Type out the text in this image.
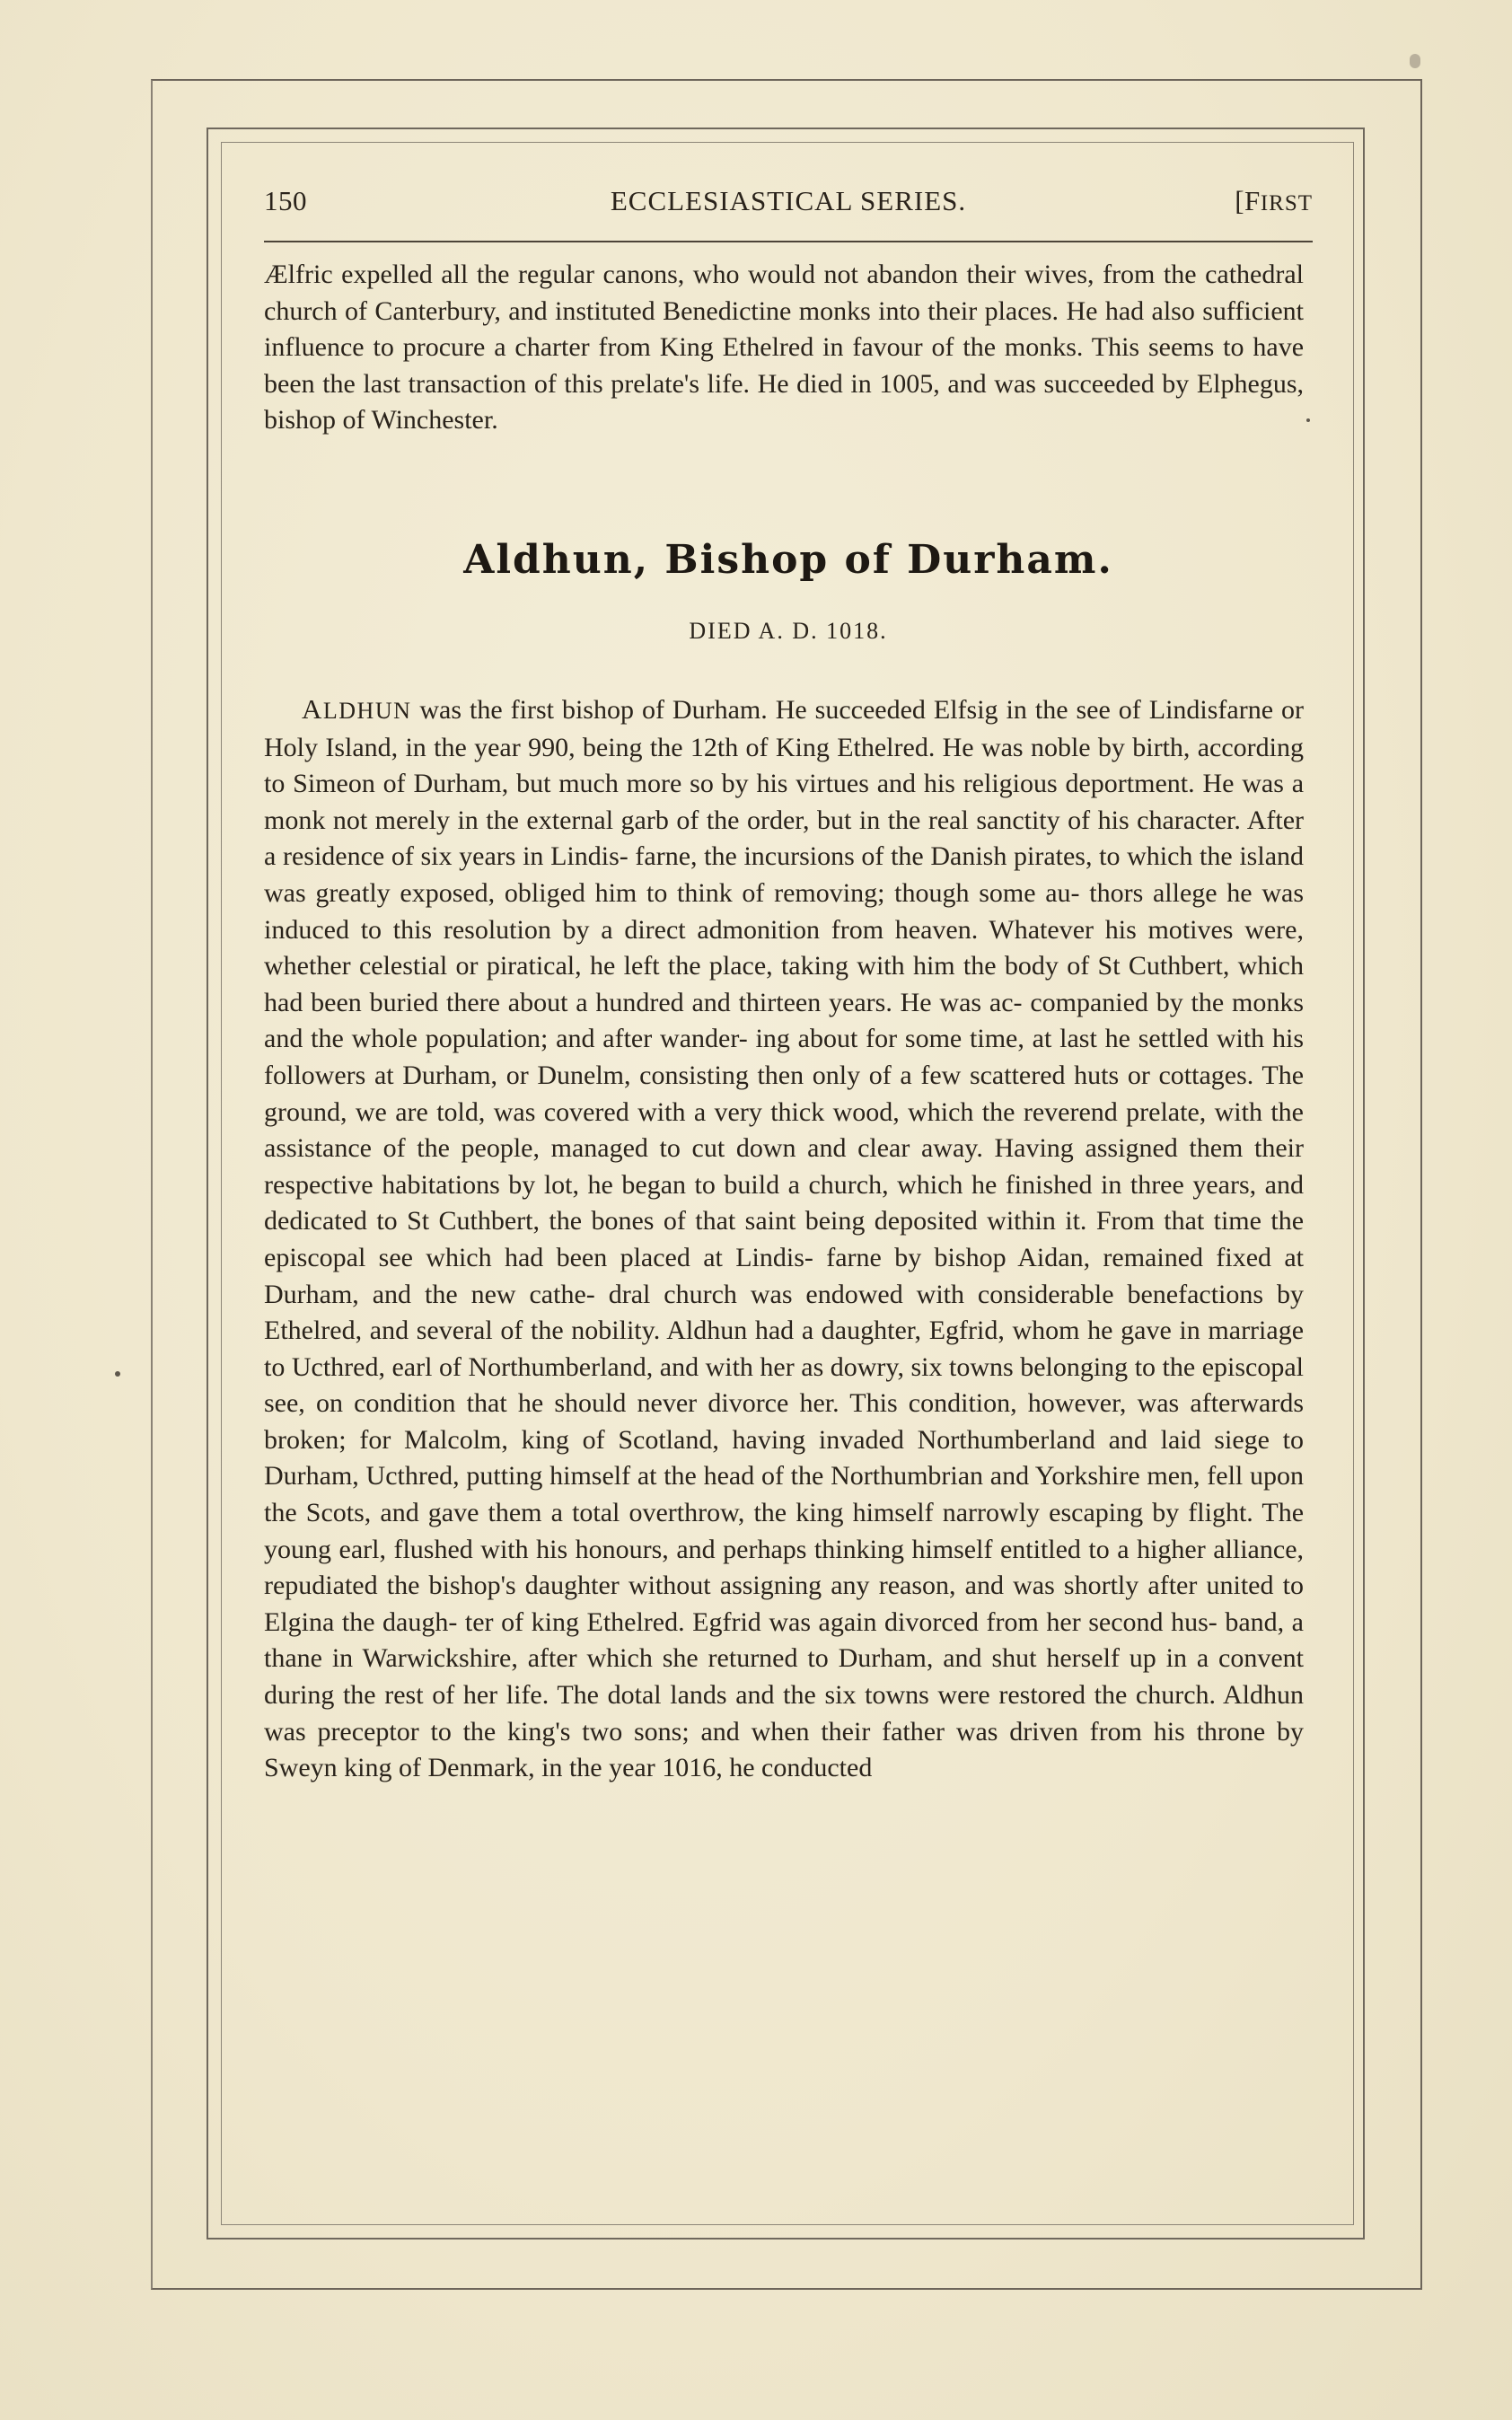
150	ECCLESIASTICAL SERIES.	[FIRST
Ælfric expelled all the regular canons, who would not abandon their wives, from the cathedral church of Canterbury, and instituted Benedictine monks into their places. He had also sufficient influence to procure a charter from King Ethelred in favour of the monks. This seems to have been the last transaction of this prelate's life. He died in 1005, and was succeeded by Elphegus, bishop of Winchester.
Aldhun, Bishop of Durham.
DIED A. D. 1018.
ALDHUN was the first bishop of Durham. He succeeded Elfsig in the see of Lindisfarne or Holy Island, in the year 990, being the 12th of King Ethelred. He was noble by birth, according to Simeon of Durham, but much more so by his virtues and his religious deportment. He was a monk not merely in the external garb of the order, but in the real sanctity of his character. After a residence of six years in Lindis- farne, the incursions of the Danish pirates, to which the island was greatly exposed, obliged him to think of removing; though some au- thors allege he was induced to this resolution by a direct admonition from heaven. Whatever his motives were, whether celestial or piratical, he left the place, taking with him the body of St Cuthbert, which had been buried there about a hundred and thirteen years. He was ac- companied by the monks and the whole population; and after wander- ing about for some time, at last he settled with his followers at Durham, or Dunelm, consisting then only of a few scattered huts or cottages. The ground, we are told, was covered with a very thick wood, which the reverend prelate, with the assistance of the people, managed to cut down and clear away. Having assigned them their respective habitations by lot, he began to build a church, which he finished in three years, and dedicated to St Cuthbert, the bones of that saint being deposited within it. From that time the episcopal see which had been placed at Lindis- farne by bishop Aidan, remained fixed at Durham, and the new cathe- dral church was endowed with considerable benefactions by Ethelred, and several of the nobility. Aldhun had a daughter, Egfrid, whom he gave in marriage to Ucthred, earl of Northumberland, and with her as dowry, six towns belonging to the episcopal see, on condition that he should never divorce her. This condition, however, was afterwards broken; for Malcolm, king of Scotland, having invaded Northumberland and laid siege to Durham, Ucthred, putting himself at the head of the Northumbrian and Yorkshire men, fell upon the Scots, and gave them a total overthrow, the king himself narrowly escaping by flight. The young earl, flushed with his honours, and perhaps thinking himself entitled to a higher alliance, repudiated the bishop's daughter without assigning any reason, and was shortly after united to Elgina the daugh- ter of king Ethelred. Egfrid was again divorced from her second hus- band, a thane in Warwickshire, after which she returned to Durham, and shut herself up in a convent during the rest of her life. The dotal lands and the six towns were restored the church. Aldhun was preceptor to the king's two sons; and when their father was driven from his throne by Sweyn king of Denmark, in the year 1016, he conducted
